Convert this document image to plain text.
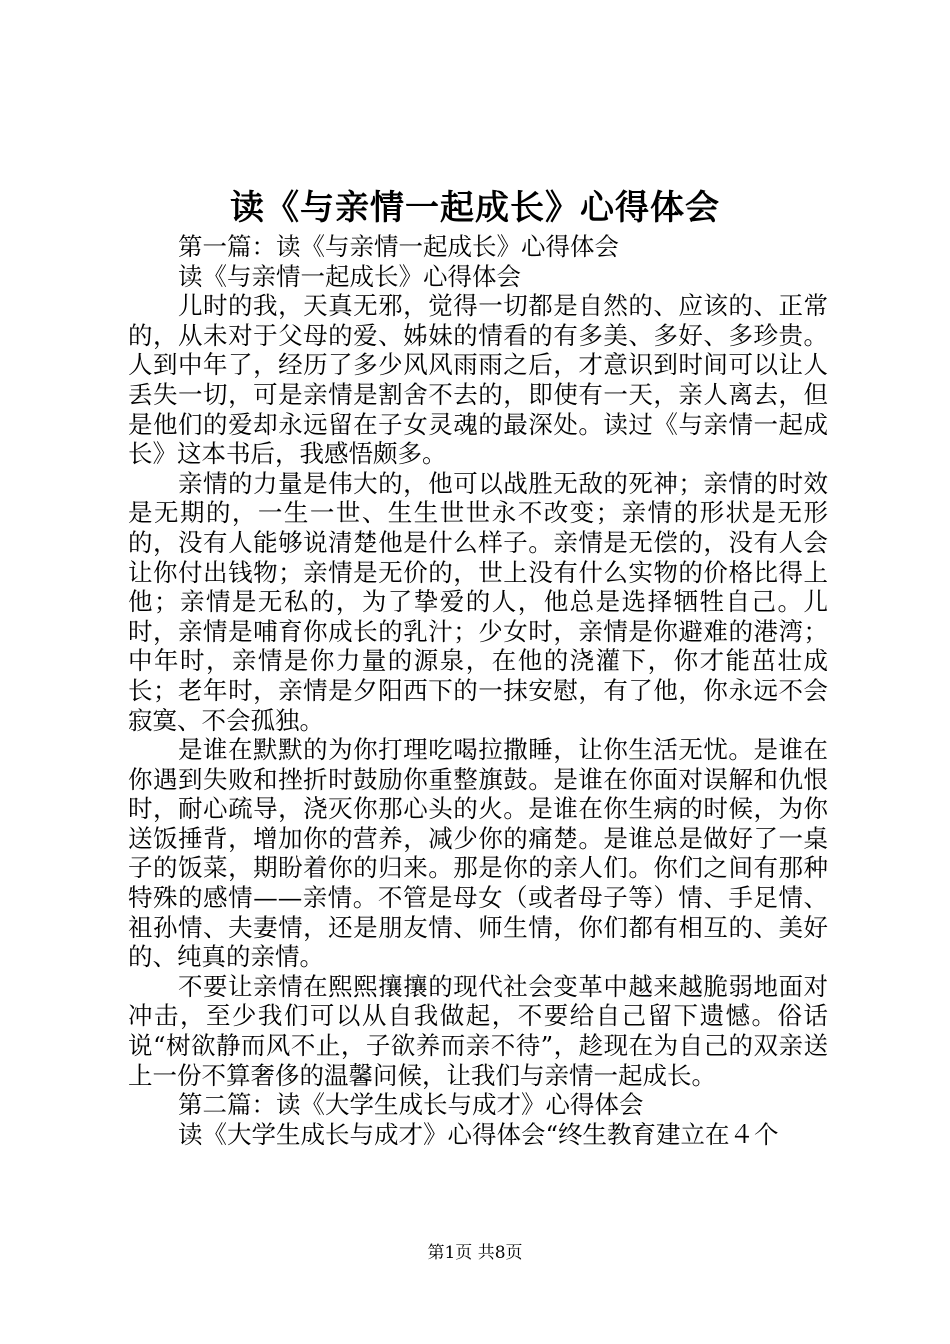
读《与亲情一起成长》心得体会

第一篇：读《与亲情一起成长》心得体会

读《与亲情一起成长》心得体会

儿时的我，天真无邪，觉得一切都是自然的、应该的、正常的，从未对于父母的爱、姊妹的情看的有多美、多好、多珍贵。人到中年了，经历了多少风风雨雨之后，才意识到时间可以让人丢失一切，可是亲情是割舍不去的，即使有一天，亲人离去，但是他们的爱却永远留在子女灵魂的最深处。读过《与亲情一起成长》这本书后，我感悟颇多。

亲情的力量是伟大的，他可以战胜无敌的死神；亲情的时效是无期的，一生一世、生生世世永不改变；亲情的形状是无形的，没有人能够说清楚他是什么样子。亲情是无偿的，没有人会让你付出钱物；亲情是无价的，世上没有什么实物的价格比得上他；亲情是无私的，为了挚爱的人，他总是选择牺牲自己。儿时，亲情是哺育你成长的乳汁；少女时，亲情是你避难的港湾；中年时，亲情是你力量的源泉，在他的浇灌下，你才能茁壮成长；老年时，亲情是夕阳西下的一抹安慰，有了他，你永远不会寂寞、不会孤独。

是谁在默默的为你打理吃喝拉撒睡，让你生活无忧。是谁在你遇到失败和挫折时鼓励你重整旗鼓。是谁在你面对误解和仇恨时，耐心疏导，浇灭你那心头的火。是谁在你生病的时候，为你送饭捶背，增加你的营养，减少你的痛楚。是谁总是做好了一桌子的饭菜，期盼着你的归来。那是你的亲人们。你们之间有那种特殊的感情——亲情。不管是母女（或者母子等）情、手足情、祖孙情、夫妻情，还是朋友情、师生情，你们都有相互的、美好的、纯真的亲情。

不要让亲情在熙熙攘攘的现代社会变革中越来越脆弱地面对冲击，至少我们可以从自我做起，不要给自己留下遗憾。俗话说“树欲静而风不止，子欲养而亲不待”，趁现在为自己的双亲送上一份不算奢侈的温馨问候，让我们与亲情一起成长。

第二篇：读《大学生成长与成才》心得体会

读《大学生成长与成才》心得体会“终生教育建立在４个

第1页 共8页
